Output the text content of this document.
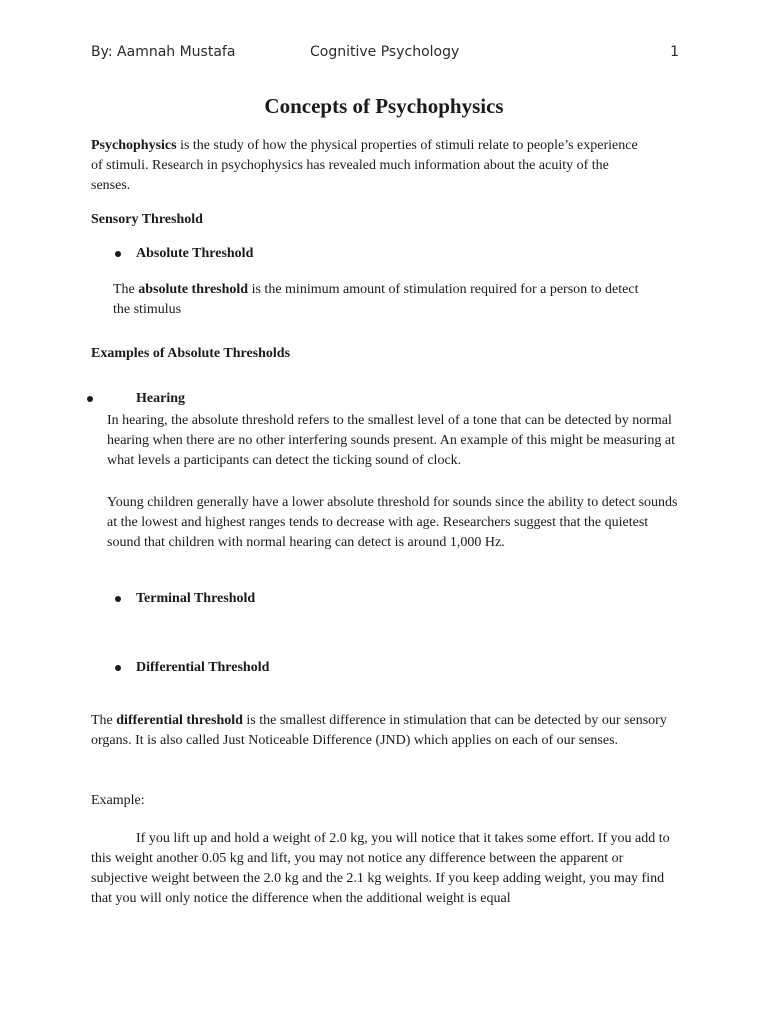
By: Aamnah Mustafa	Cognitive Psychology	1
Concepts of Psychophysics

Psychophysics is the study of how the physical properties of stimuli relate to people’s experience of stimuli. Research in psychophysics has revealed much information about the acuity of the senses.

Sensory Threshold
Absolute Threshold

The absolute threshold is the minimum amount of stimulation required for a person to detect the stimulus

Examples of Absolute Thresholds
Hearing

In hearing, the absolute threshold refers to the smallest level of a tone that can be detected by normal hearing when there are no other interfering sounds present. An example of this might be measuring at what levels a participants can detect the ticking sound of clock.

Young children generally have a lower absolute threshold for sounds since the ability to detect sounds at the lowest and highest ranges tends to decrease with age. Researchers suggest that the quietest sound that children with normal hearing can detect is around 1,000 Hz.

Terminal Threshold
Differential Threshold

The differential threshold is the smallest difference in stimulation that can be detected by our sensory organs. It is also called Just Noticeable Difference (JND) which applies on each of our senses.

Example:

If you lift up and hold a weight of 2.0 kg, you will notice that it takes some effort. If you add to this weight another 0.05 kg and lift, you may not notice any difference between the apparent or subjective weight between the 2.0 kg and the 2.1 kg weights. If you keep adding weight, you may find that you will only notice the difference when the additional weight is equal
